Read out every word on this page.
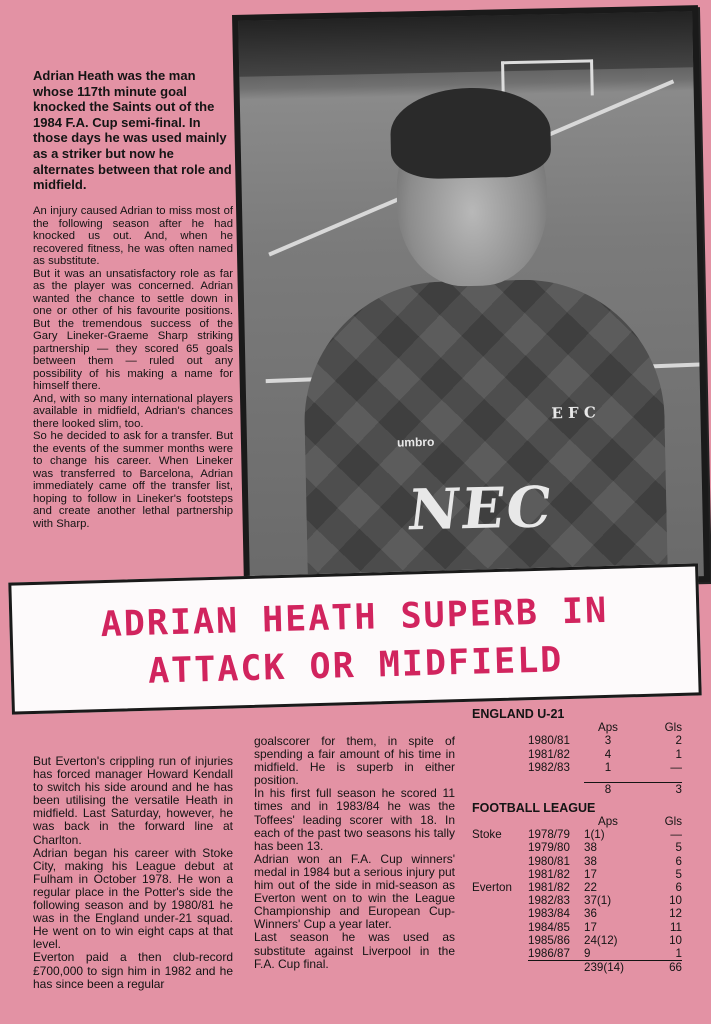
Adrian Heath was the man whose 117th minute goal knocked the Saints out of the 1984 F.A. Cup semi-final. In those days he was used mainly as a striker but now he alternates between that role and midfield.

An injury caused Adrian to miss most of the following season after he had knocked us out. And, when he recovered fitness, he was often named as substitute.

But it was an unsatisfactory role as far as the player was concerned. Adrian wanted the chance to settle down in one or other of his favourite positions. But the tremendous success of the Gary Lineker-Graeme Sharp striking partnership — they scored 65 goals between them — ruled out any possibility of his making a name for himself there.

And, with so many international players available in midfield, Adrian's chances there looked slim, too.

So he decided to ask for a transfer. But the events of the summer months were to change his career. When Lineker was transferred to Barcelona, Adrian immediately came off the transfer list, hoping to follow in Lineker's footsteps and create another lethal partnership with Sharp.

umbro
E F C
NEC
ADRIAN HEATH SUPERB IN
ATTACK OR MIDFIELD

But Everton's crippling run of injuries has forced manager Howard Kendall to switch his side around and he has been utilising the versatile Heath in midfield. Last Saturday, however, he was back in the forward line at Charlton.

Adrian began his career with Stoke City, making his League debut at Fulham in October 1978. He won a regular place in the Potter's side the following season and by 1980/81 he was in the England under-21 squad. He went on to win eight caps at that level.

Everton paid a then club-record £700,000 to sign him in 1982 and he has since been a regular

goalscorer for them, in spite of spending a fair amount of his time in midfield. He is superb in either position.

In his first full season he scored 11 times and in 1983/84 he was the Toffees' leading scorer with 18. In each of the past two seasons his tally has been 13.

Adrian won an F.A. Cup winners' medal in 1984 but a serious injury put him out of the side in mid-season as Everton went on to win the League Championship and European Cup-Winners' Cup a year later.

Last season he was used as substitute against Liverpool in the F.A. Cup final.

ENGLAND U-21
		Aps	Gls
	1980/81	3	2
	1981/82	4	1
	1982/83	1	—

		8	3
FOOTBALL LEAGUE
		Aps	Gls
Stoke	1978/79	1(1)	—
	1979/80	38	5
	1980/81	38	6
	1981/82	17	5
Everton	1981/82	22	6
	1982/83	37(1)	10
	1983/84	36	12
	1984/85	17	11
	1985/86	24(12)	10
	1986/87	9	1
		239(14)	66
